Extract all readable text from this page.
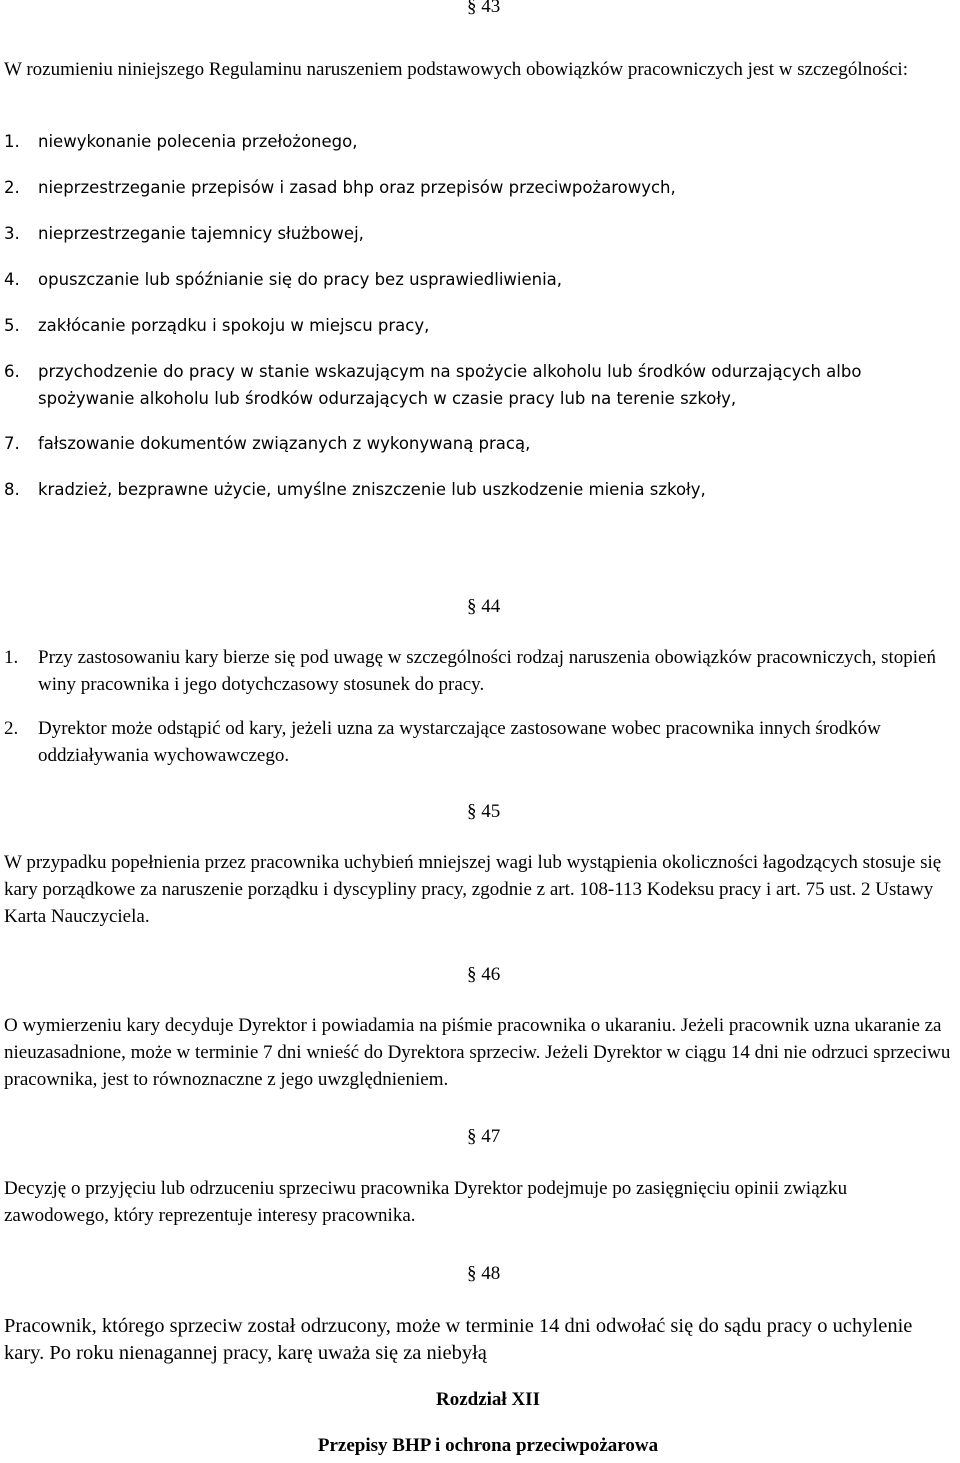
§ 43
W rozumieniu niniejszego Regulaminu naruszeniem podstawowych obowiązków pracowniczych jest w szczególności:
1. niewykonanie polecenia przełożonego,
2. nieprzestrzeganie przepisów i zasad bhp oraz przepisów przeciwpożarowych,
3. nieprzestrzeganie tajemnicy służbowej,
4. opuszczanie lub spóźnianie się do pracy bez usprawiedliwienia,
5. zakłócanie porządku i spokoju w miejscu pracy,
6. przychodzenie do pracy w stanie wskazującym na spożycie alkoholu lub środków odurzających albo spożywanie alkoholu lub środków odurzających w czasie pracy lub na terenie szkoły,
7. fałszowanie dokumentów związanych z wykonywaną pracą,
8. kradzież, bezprawne użycie, umyślne zniszczenie lub uszkodzenie mienia szkoły,
§ 44
1. Przy zastosowaniu kary bierze się pod uwagę w szczególności rodzaj naruszenia obowiązków pracowniczych, stopień winy pracownika i jego dotychczasowy stosunek do pracy.
2. Dyrektor może odstąpić od kary, jeżeli uzna za wystarczające zastosowane wobec pracownika innych środków oddziaływania wychowawczego.
§ 45
W przypadku popełnienia przez pracownika uchybień mniejszej wagi lub wystąpienia okoliczności łagodzących stosuje się kary porządkowe za naruszenie porządku i dyscypliny pracy, zgodnie z art. 108-113 Kodeksu pracy i art. 75 ust. 2 Ustawy Karta Nauczyciela.
§ 46
O wymierzeniu kary decyduje Dyrektor i powiadamia na piśmie pracownika o ukaraniu. Jeżeli pracownik uzna ukaranie za nieuzasadnione, może w terminie 7 dni wnieść do Dyrektora sprzeciw. Jeżeli Dyrektor w ciągu 14 dni nie odrzuci sprzeciwu pracownika, jest to równoznaczne z jego uwzględnieniem.
§ 47
Decyzję o przyjęciu lub odrzuceniu sprzeciwu pracownika Dyrektor podejmuje po zasięgnięciu opinii związku zawodowego, który reprezentuje interesy pracownika.
§ 48
Pracownik, którego sprzeciw został odrzucony, może w terminie 14 dni odwołać się do sądu pracy o uchylenie kary. Po roku nienagannej pracy, karę uważa się za niebyłą
Rozdział XII
Przepisy BHP i ochrona przeciwpożarowa
